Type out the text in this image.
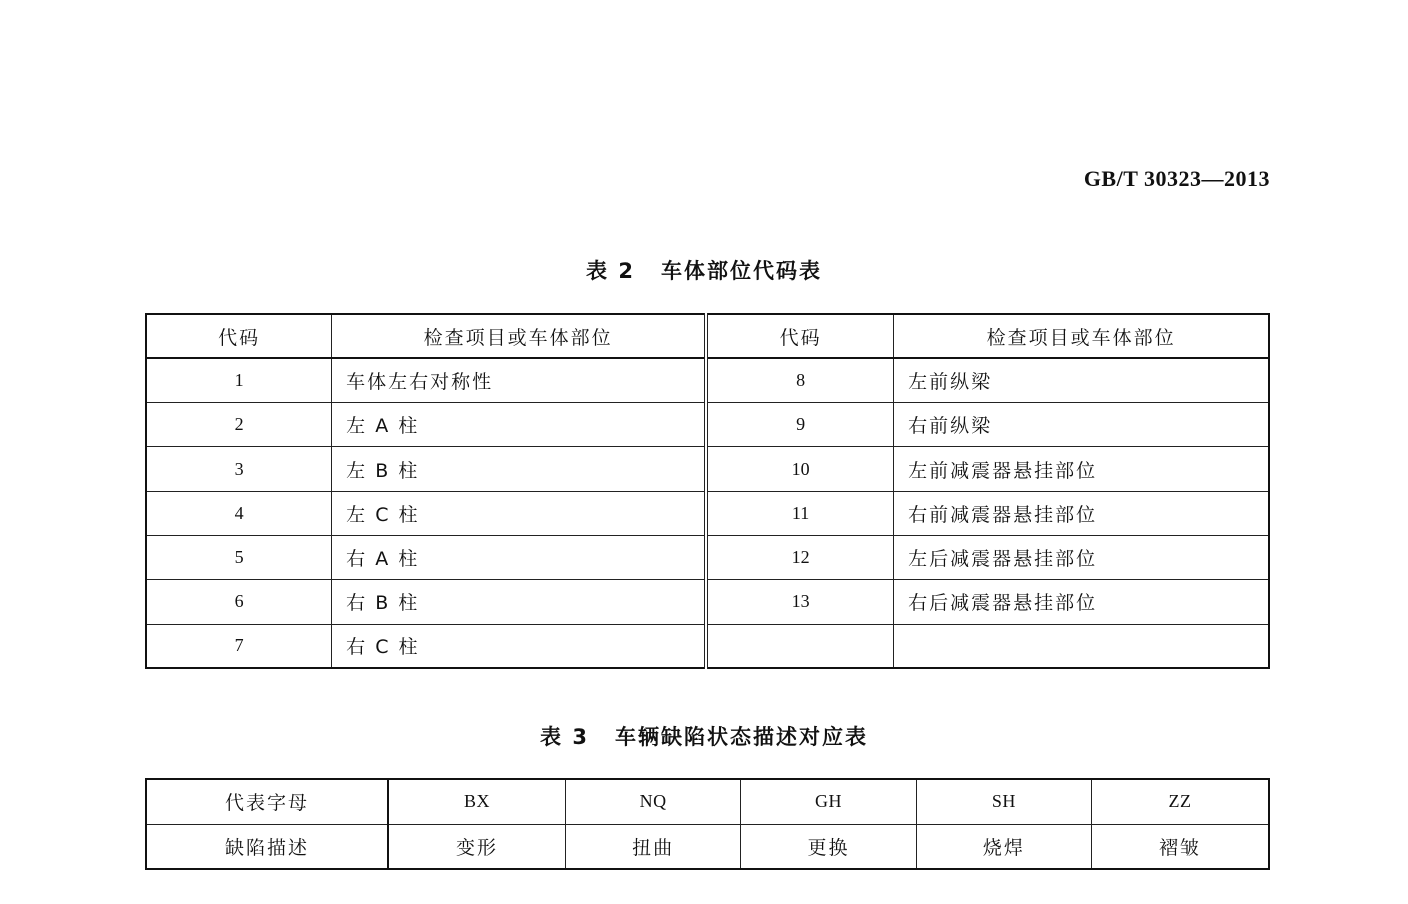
GB/T 30323—2013
表 2 车体部位代码表
代码	检查项目或车体部位	代码	检查项目或车体部位
1	车体左右对称性	8	左前纵梁
2	左 A 柱	9	右前纵梁
3	左 B 柱	10	左前减震器悬挂部位
4	左 C 柱	11	右前减震器悬挂部位
5	右 A 柱	12	左后减震器悬挂部位
6	右 B 柱	13	右后减震器悬挂部位
7	右 C 柱		
表 3 车辆缺陷状态描述对应表
代表字母	BX	NQ	GH	SH	ZZ
缺陷描述	变形	扭曲	更换	烧焊	褶皱
